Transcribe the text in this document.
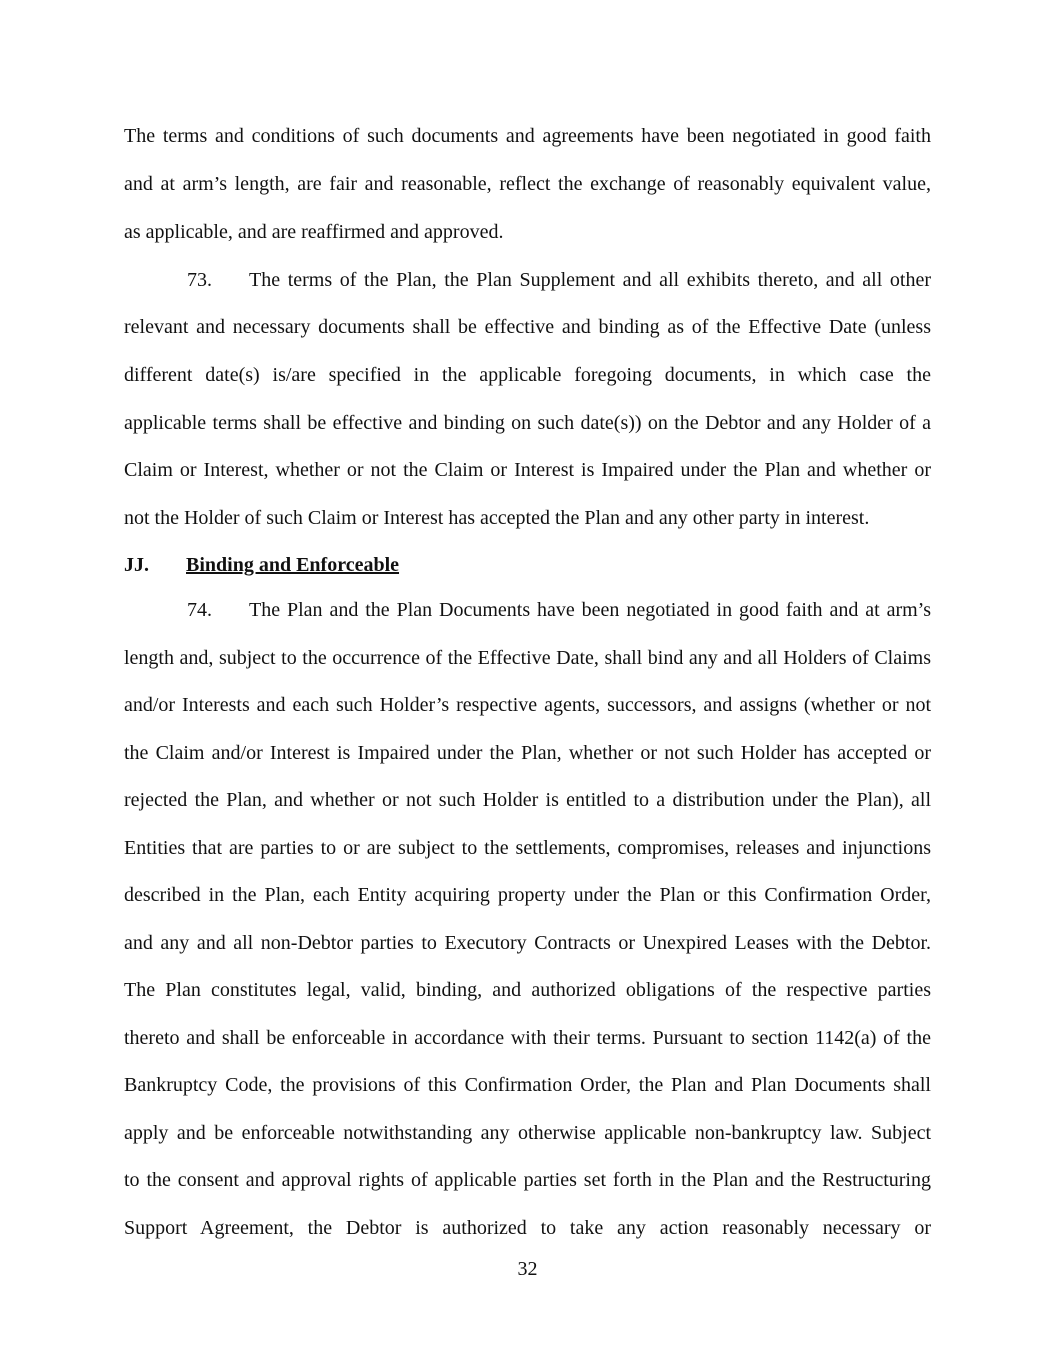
The terms and conditions of such documents and agreements have been negotiated in good faith
and at arm’s length, are fair and reasonable, reflect the exchange of reasonably equivalent value,
as applicable, and are reaffirmed and approved.
73. The terms of the Plan, the Plan Supplement and all exhibits thereto, and all other
relevant and necessary documents shall be effective and binding as of the Effective Date (unless
different date(s) is/are specified in the applicable foregoing documents, in which case the
applicable terms shall be effective and binding on such date(s)) on the Debtor and any Holder of a
Claim or Interest, whether or not the Claim or Interest is Impaired under the Plan and whether or
not the Holder of such Claim or Interest has accepted the Plan and any other party in interest.
JJ. Binding and Enforceable
74. The Plan and the Plan Documents have been negotiated in good faith and at arm’s
length and, subject to the occurrence of the Effective Date, shall bind any and all Holders of Claims
and/or Interests and each such Holder’s respective agents, successors, and assigns (whether or not
the Claim and/or Interest is Impaired under the Plan, whether or not such Holder has accepted or
rejected the Plan, and whether or not such Holder is entitled to a distribution under the Plan), all
Entities that are parties to or are subject to the settlements, compromises, releases and injunctions
described in the Plan, each Entity acquiring property under the Plan or this Confirmation Order,
and any and all non-Debtor parties to Executory Contracts or Unexpired Leases with the Debtor.
The Plan constitutes legal, valid, binding, and authorized obligations of the respective parties
thereto and shall be enforceable in accordance with their terms. Pursuant to section 1142(a) of the
Bankruptcy Code, the provisions of this Confirmation Order, the Plan and Plan Documents shall
apply and be enforceable notwithstanding any otherwise applicable non-bankruptcy law. Subject
to the consent and approval rights of applicable parties set forth in the Plan and the Restructuring
Support Agreement, the Debtor is authorized to take any action reasonably necessary or
32
